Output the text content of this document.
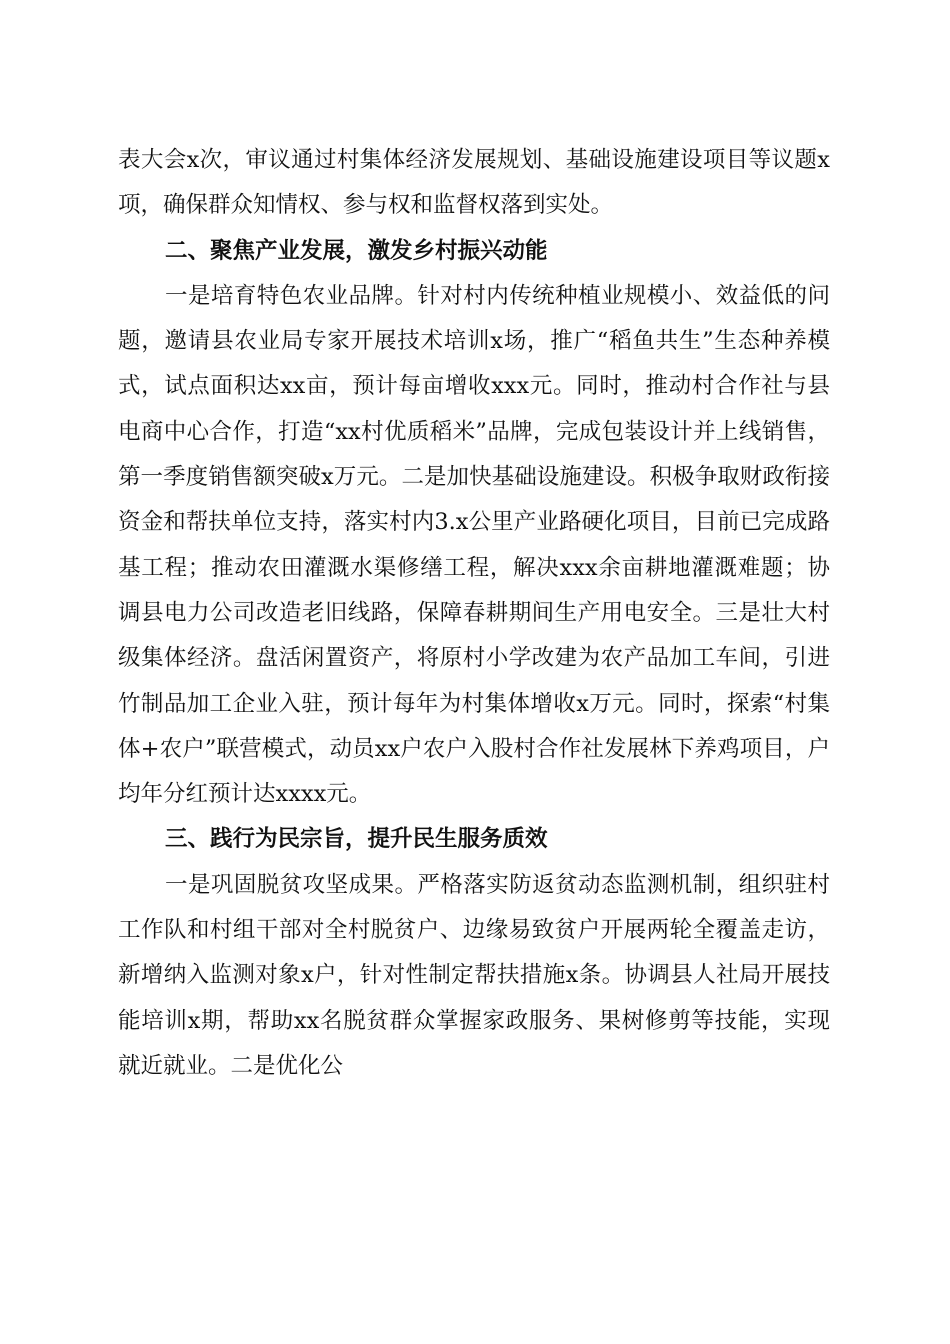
表大会x次，审议通过村集体经济发展规划、基础设施建设项目等议题x项，确保群众知情权、参与权和监督权落到实处。

二、聚焦产业发展，激发乡村振兴动能

一是培育特色农业品牌。针对村内传统种植业规模小、效益低的问题，邀请县农业局专家开展技术培训x场，推广“稻鱼共生”生态种养模式，试点面积达xx亩，预计每亩增收xxx元。同时，推动村合作社与县电商中心合作，打造“xx村优质稻米”品牌，完成包装设计并上线销售，第一季度销售额突破x万元。二是加快基础设施建设。积极争取财政衔接资金和帮扶单位支持，落实村内3.x公里产业路硬化项目，目前已完成路基工程；推动农田灌溉水渠修缮工程，解决xxx余亩耕地灌溉难题；协调县电力公司改造老旧线路，保障春耕期间生产用电安全。三是壮大村级集体经济。盘活闲置资产，将原村小学改建为农产品加工车间，引进竹制品加工企业入驻，预计每年为村集体增收x万元。同时，探索“村集体+农户”联营模式，动员xx户农户入股村合作社发展林下养鸡项目，户均年分红预计达xxxx元。

三、践行为民宗旨，提升民生服务质效

一是巩固脱贫攻坚成果。严格落实防返贫动态监测机制，组织驻村工作队和村组干部对全村脱贫户、边缘易致贫户开展两轮全覆盖走访，新增纳入监测对象x户，针对性制定帮扶措施x条。协调县人社局开展技能培训x期，帮助xx名脱贫群众掌握家政服务、果树修剪等技能，实现就近就业。二是优化公
